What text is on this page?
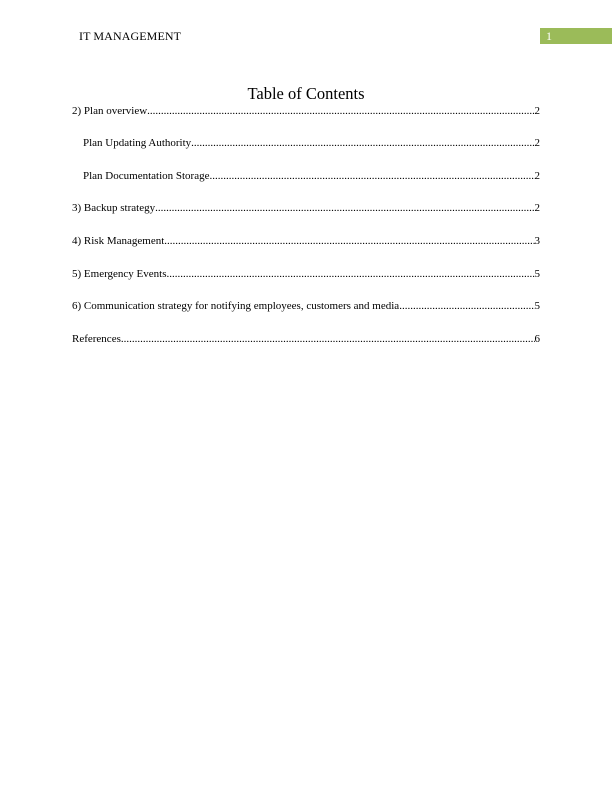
IT MANAGEMENT	1
Table of Contents
2) Plan overview .....	2
Plan Updating Authority .....	2
Plan Documentation Storage .....	2
3) Backup strategy .....	2
4) Risk Management .....	3
5) Emergency Events .....	5
6) Communication strategy for notifying employees, customers and media .....	5
References .....	6
